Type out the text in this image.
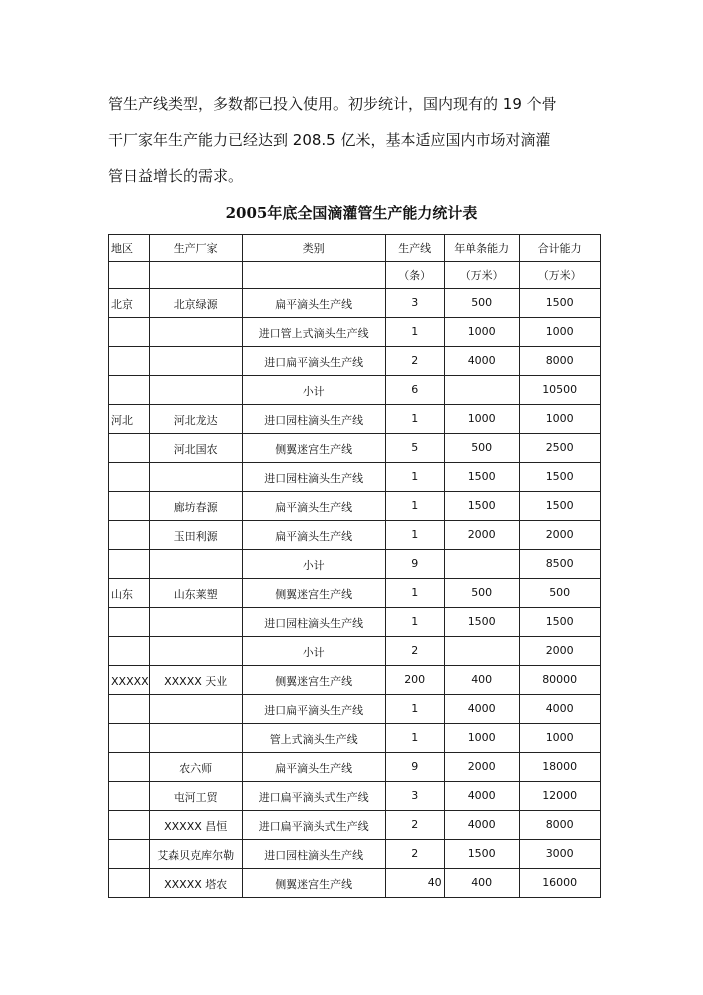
管生产线类型，多数都已投入使用。初步统计，国内现有的 19 个骨
干厂家年生产能力已经达到 208.5 亿米，基本适应国内市场对滴灌
管日益增长的需求。
2005年底全国滴灌管生产能力统计表
地区	生产厂家	类别	生产线	年单条能力	合计能力
			（条）	（万米）	（万米）
北京	北京绿源	扁平滴头生产线	3	500	1500
		进口管上式滴头生产线	1	1000	1000
		进口扁平滴头生产线	2	4000	8000
		小计	6		10500
河北	河北龙达	进口园柱滴头生产线	1	1000	1000
	河北国农	侧翼迷宫生产线	5	500	2500
		进口园柱滴头生产线	1	1500	1500
	廊坊春源	扁平滴头生产线	1	1500	1500
	玉田利源	扁平滴头生产线	1	2000	2000
		小计	9		8500
山东	山东莱塑	侧翼迷宫生产线	1	500	500
		进口园柱滴头生产线	1	1500	1500
		小计	2		2000
XXXXX	XXXXX 天业	侧翼迷宫生产线	200	400	80000
		进口扁平滴头生产线	1	4000	4000
		管上式滴头生产线	1	1000	1000
	农六师	扁平滴头生产线	9	2000	18000
	屯河工贸	进口扁平滴头式生产线	3	4000	12000
	XXXXX 昌恒	进口扁平滴头式生产线	2	4000	8000
	艾森贝克库尔勒	进口园柱滴头生产线	2	1500	3000
	XXXXX 塔农	侧翼迷宫生产线	40	400	16000
